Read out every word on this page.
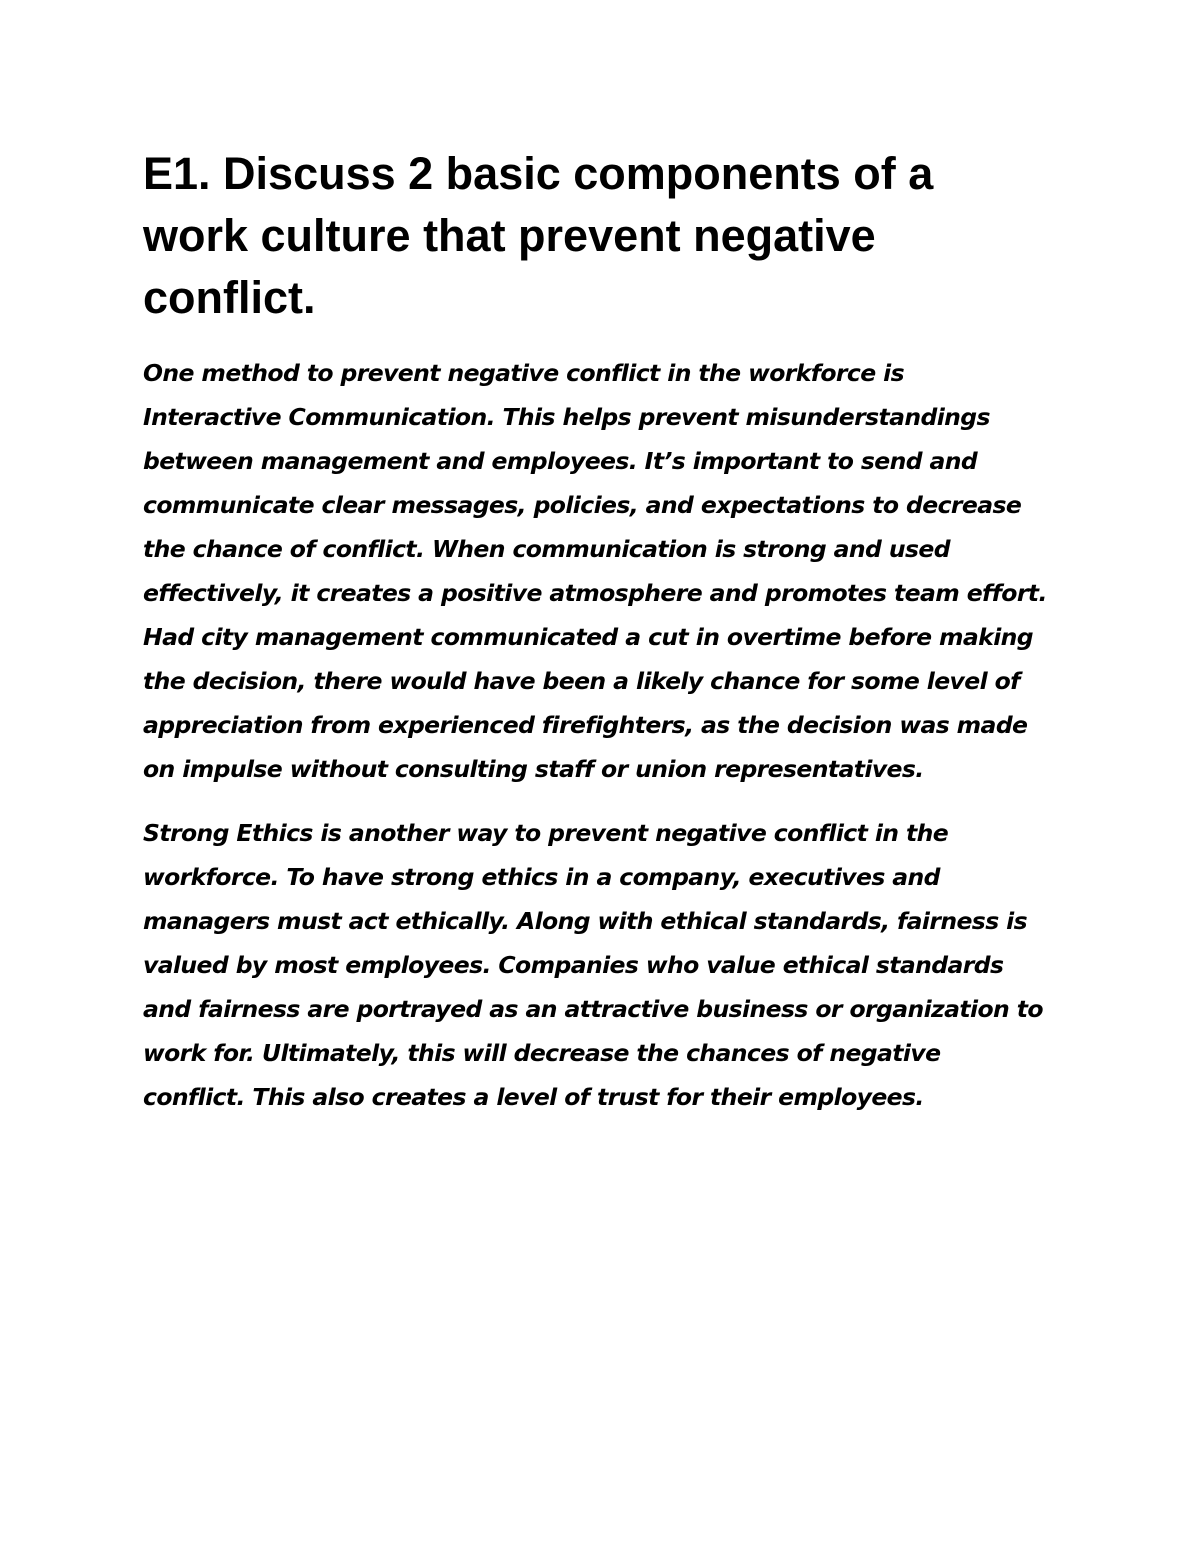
E1. Discuss 2 basic components of a
work culture that prevent negative
conflict.

One method to prevent negative conflict in the workforce is
Interactive Communication. This helps prevent misunderstandings
between management and employees. It’s important to send and
communicate clear messages, policies, and expectations to decrease
the chance of conflict. When communication is strong and used
effectively, it creates a positive atmosphere and promotes team effort.
Had city management communicated a cut in overtime before making
the decision, there would have been a likely chance for some level of
appreciation from experienced firefighters, as the decision was made
on impulse without consulting staff or union representatives.

Strong Ethics is another way to prevent negative conflict in the
workforce. To have strong ethics in a company, executives and
managers must act ethically. Along with ethical standards, fairness is
valued by most employees. Companies who value ethical standards
and fairness are portrayed as an attractive business or organization to
work for. Ultimately, this will decrease the chances of negative
conflict. This also creates a level of trust for their employees.
